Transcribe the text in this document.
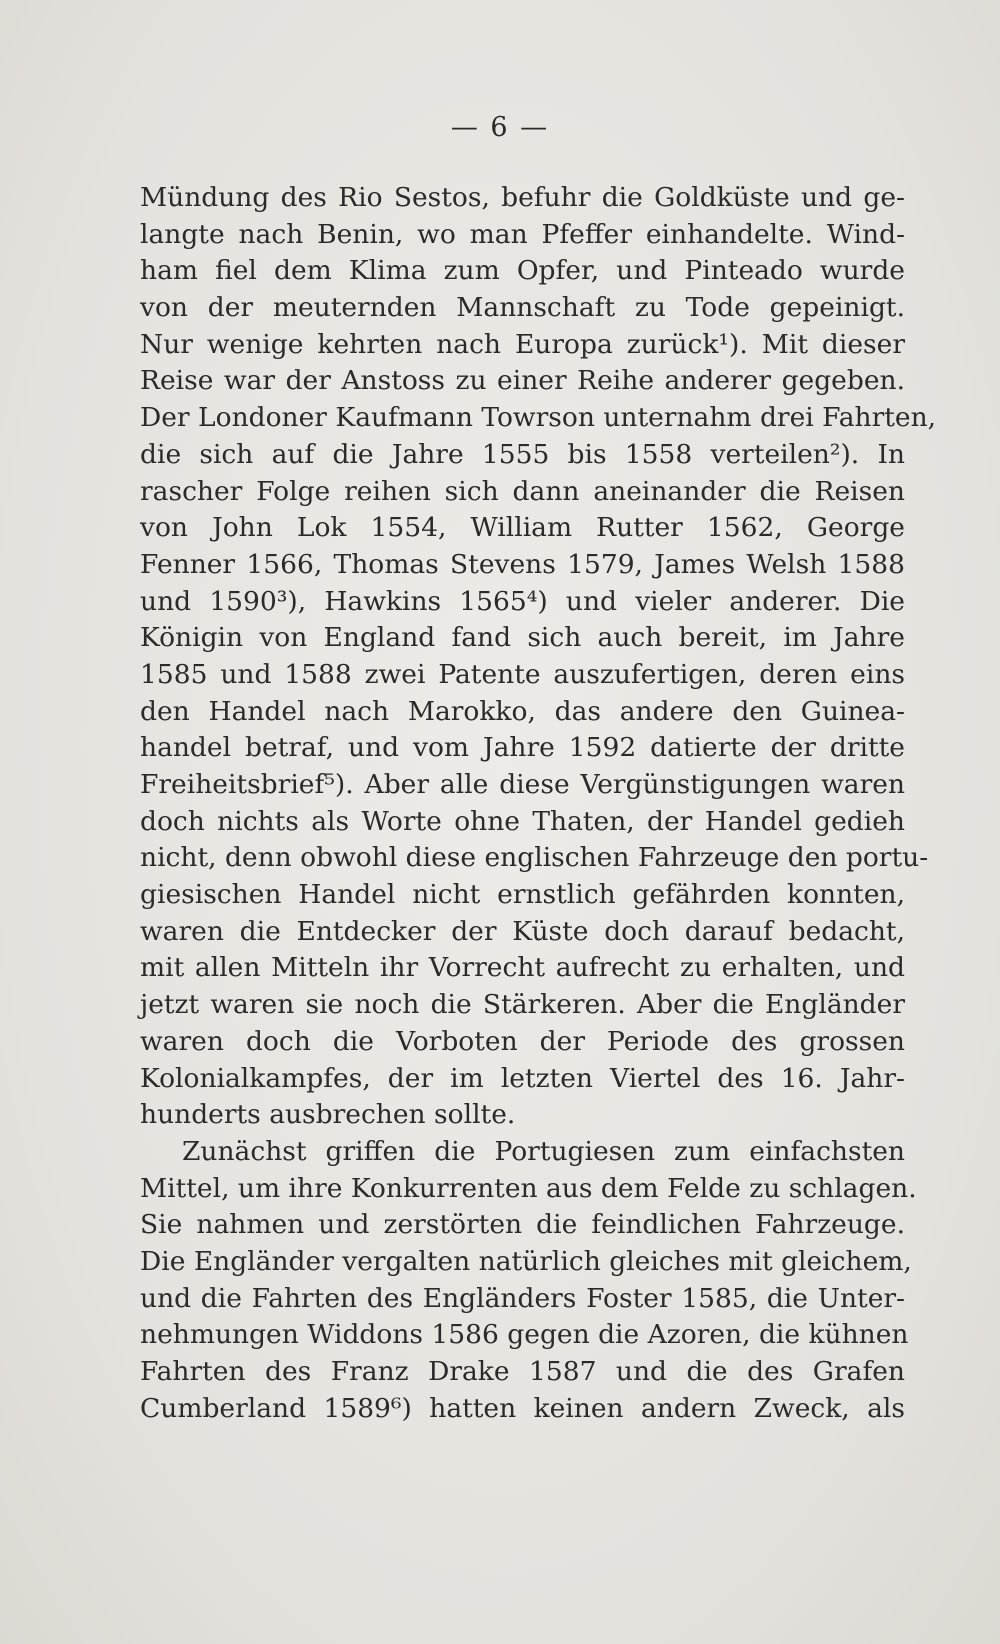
— 6 —
Mündung des Rio Sestos, befuhr die Goldküste und ge-
langte nach Benin, wo man Pfeffer einhandelte. Wind-
ham fiel dem Klima zum Opfer, und Pinteado wurde
von der meuternden Mannschaft zu Tode gepeinigt.
Nur wenige kehrten nach Europa zurück¹). Mit dieser
Reise war der Anstoss zu einer Reihe anderer gegeben.
Der Londoner Kaufmann Towrson unternahm drei Fahrten,
die sich auf die Jahre 1555 bis 1558 verteilen²). In
rascher Folge reihen sich dann aneinander die Reisen
von John Lok 1554, William Rutter 1562, George
Fenner 1566, Thomas Stevens 1579, James Welsh 1588
und 1590³), Hawkins 1565⁴) und vieler anderer. Die
Königin von England fand sich auch bereit, im Jahre
1585 und 1588 zwei Patente auszufertigen, deren eins
den Handel nach Marokko, das andere den Guinea-
handel betraf, und vom Jahre 1592 datierte der dritte
Freiheitsbrief⁵). Aber alle diese Vergünstigungen waren
doch nichts als Worte ohne Thaten, der Handel gedieh
nicht, denn obwohl diese englischen Fahrzeuge den portu-
giesischen Handel nicht ernstlich gefährden konnten,
waren die Entdecker der Küste doch darauf bedacht,
mit allen Mitteln ihr Vorrecht aufrecht zu erhalten, und
jetzt waren sie noch die Stärkeren. Aber die Engländer
waren doch die Vorboten der Periode des grossen
Kolonialkampfes, der im letzten Viertel des 16. Jahr-
hunderts ausbrechen sollte.
Zunächst griffen die Portugiesen zum einfachsten
Mittel, um ihre Konkurrenten aus dem Felde zu schlagen.
Sie nahmen und zerstörten die feindlichen Fahrzeuge.
Die Engländer vergalten natürlich gleiches mit gleichem,
und die Fahrten des Engländers Foster 1585, die Unter-
nehmungen Widdons 1586 gegen die Azoren, die kühnen
Fahrten des Franz Drake 1587 und die des Grafen
Cumberland 1589⁶) hatten keinen andern Zweck, als
